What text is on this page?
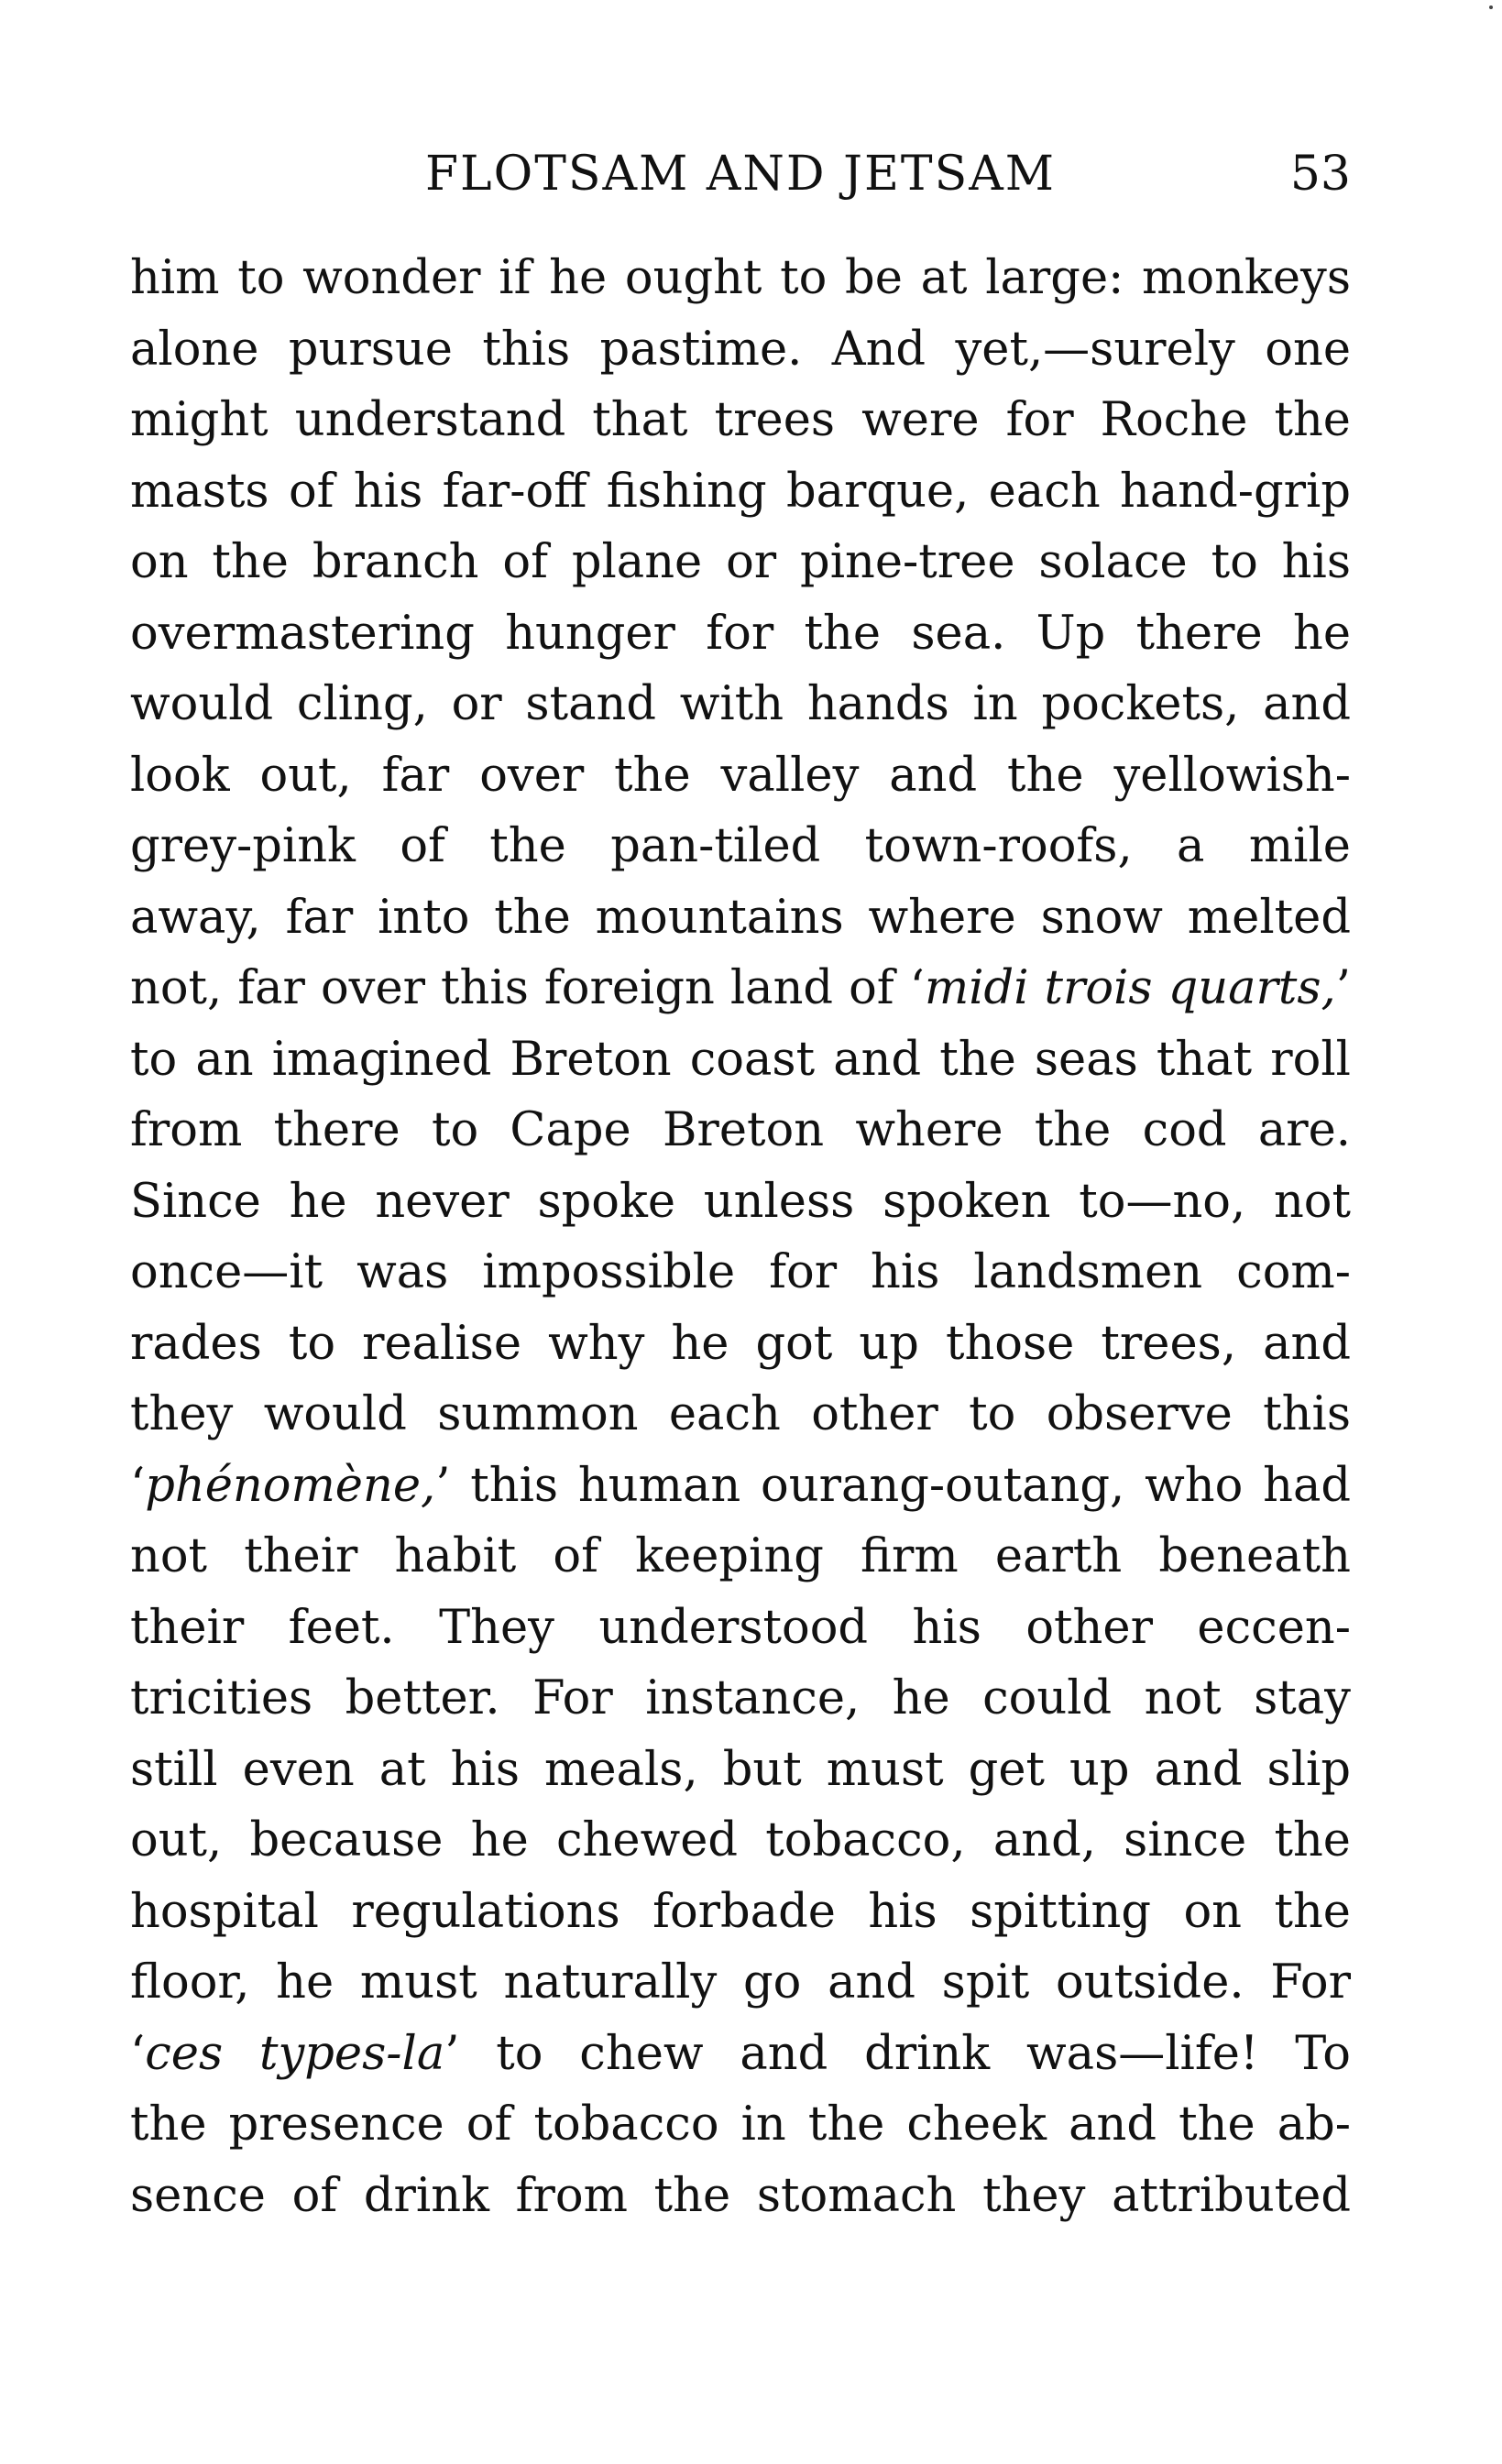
FLOTSAM AND JETSAM	53
him to wonder if he ought to be at large: monkeys
alone pursue this pastime. And yet,—surely one
might understand that trees were for Roche the
masts of his far-off fishing barque, each hand-grip
on the branch of plane or pine-tree solace to his
overmastering hunger for the sea. Up there he
would cling, or stand with hands in pockets, and
look out, far over the valley and the yellowish-
grey-pink of the pan-tiled town-roofs, a mile
away, far into the mountains where snow melted
not, far over this foreign land of ‘midi trois quarts,’
to an imagined Breton coast and the seas that roll
from there to Cape Breton where the cod are.
Since he never spoke unless spoken to—no, not
once—it was impossible for his landsmen com-
rades to realise why he got up those trees, and
they would summon each other to observe this
‘phénomène,’ this human ourang-outang, who had
not their habit of keeping firm earth beneath
their feet. They understood his other eccen-
tricities better. For instance, he could not stay
still even at his meals, but must get up and slip
out, because he chewed tobacco, and, since the
hospital regulations forbade his spitting on the
floor, he must naturally go and spit outside. For
‘ces types-la’ to chew and drink was—life! To
the presence of tobacco in the cheek and the ab-
sence of drink from the stomach they attributed
